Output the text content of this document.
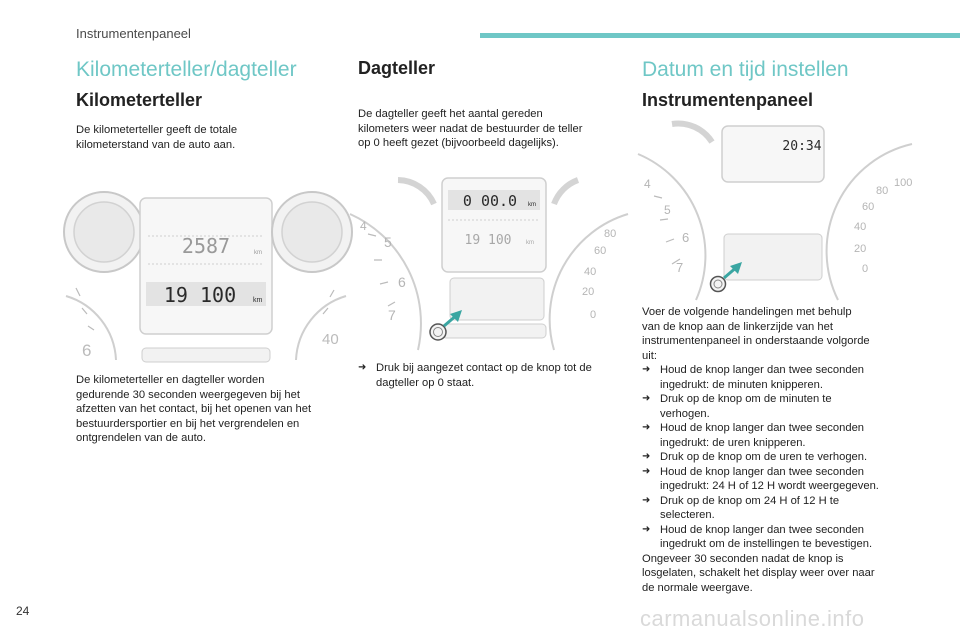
Instrumentenpaneel
Kilometerteller/dagteller
Kilometerteller
De kilometerteller geeft de totale kilometerstand van de auto aan.
6
2587	km
19 100 km
40
De kilometerteller en dagteller worden
gedurende 30 seconden weergegeven bij het
afzetten van het contact, bij het openen van het
bestuurdersportier en bij het vergrendelen en
ontgrendelen van de auto.
Dagteller
De dagteller geeft het aantal gereden
kilometers weer nadat de bestuurder de teller
op 0 heeft gezet (bijvoorbeeld dagelijks).
4
5
6
7
0 00.0 km
19 100 km
80
60
40
20
0
➜ Druk bij aangezet contact op de knop tot de
dagteller op 0 staat.
Datum en tijd instellen
Instrumentenpaneel
4
5
6
7
20:34
100
80
60
40
20
0
Voer de volgende handelingen met behulp
van de knop aan de linkerzijde van het
instrumentenpaneel in onderstaande volgorde
uit:
➜ Houd de knop langer dan twee seconden
ingedrukt: de minuten knipperen.
➜ Druk op de knop om de minuten te
verhogen.
➜ Houd de knop langer dan twee seconden
ingedrukt: de uren knipperen.
➜ Druk op de knop om de uren te verhogen.
➜ Houd de knop langer dan twee seconden
ingedrukt: 24 H of 12 H wordt weergegeven.
➜ Druk op de knop om 24 H of 12 H te
selecteren.
➜ Houd de knop langer dan twee seconden
ingedrukt om de instellingen te bevestigen.
Ongeveer 30 seconden nadat de knop is
losgelaten, schakelt het display weer over naar
de normale weergave.
24	carmanualsonline.info
